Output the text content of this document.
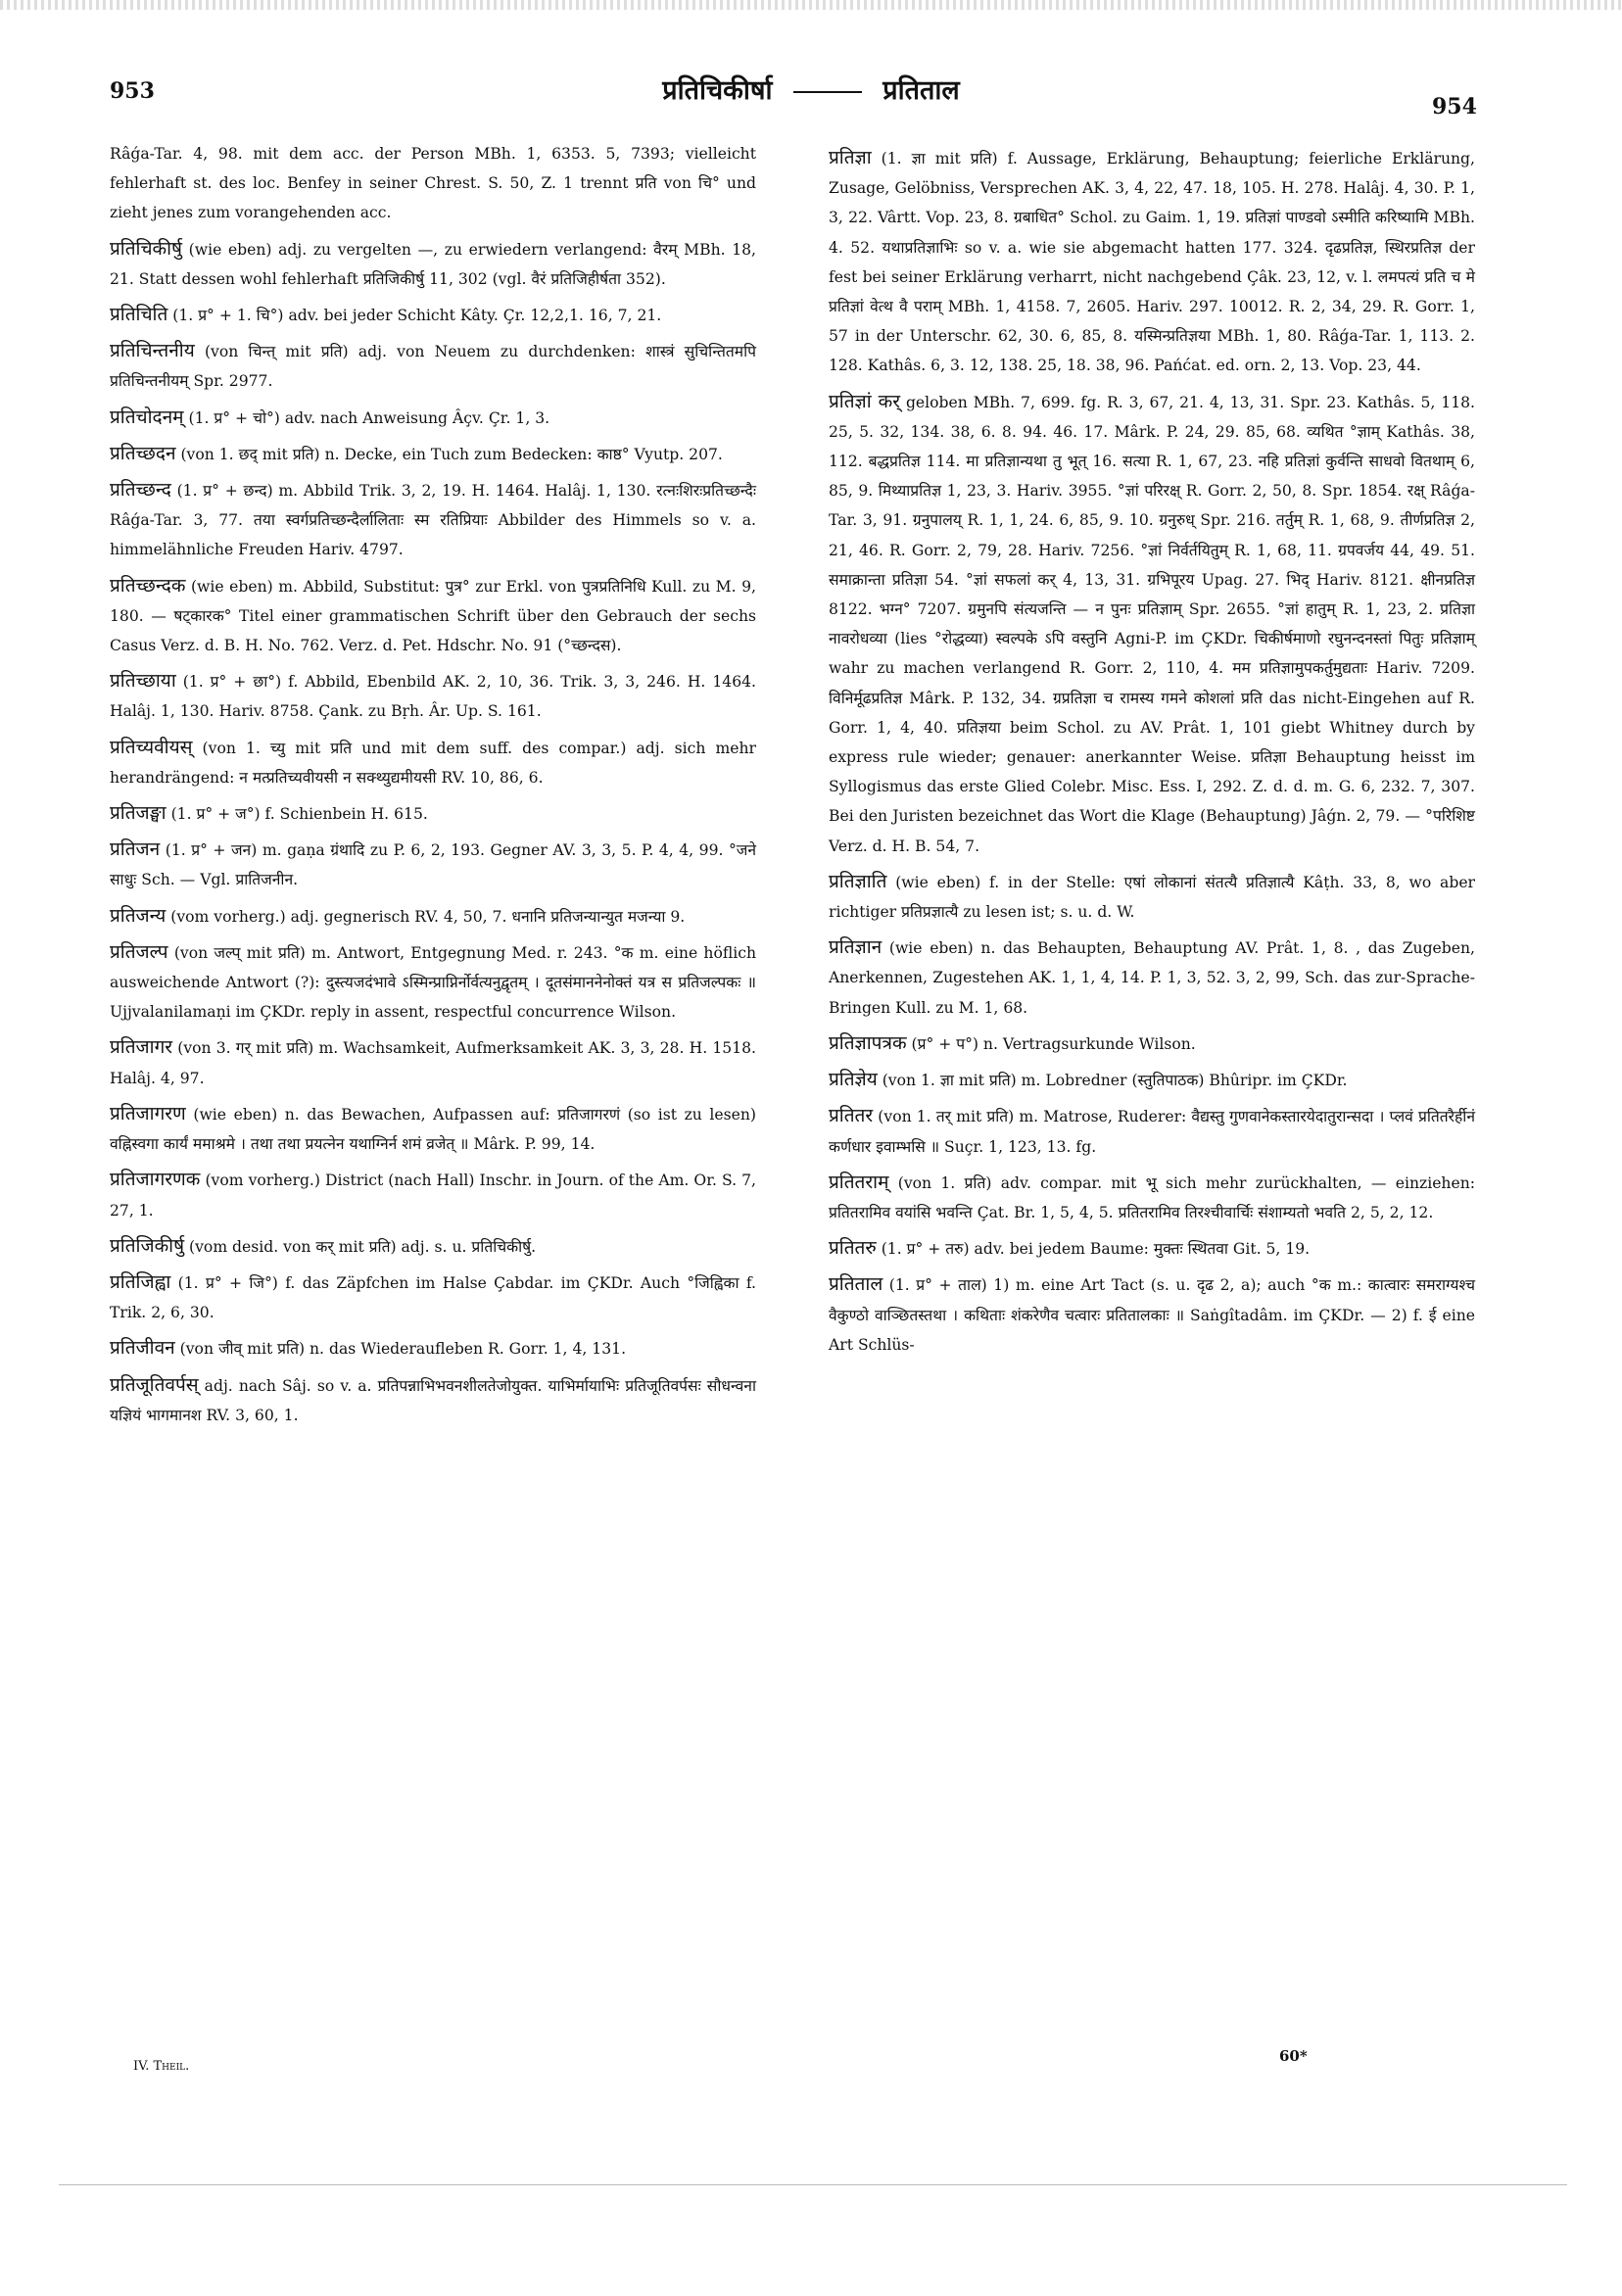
953	प्रतिचिकीर्षा	प्रतिताल
954

Râǵa-Tar. 4, 98. mit dem acc. der Person MBh. 1, 6353. 5, 7393; vielleicht fehlerhaft st. des loc. Benfey in seiner Chrest. S. 50, Z. 1 trennt प्रति von चि° und zieht jenes zum vorangehenden acc.

प्रतिचिकीर्षु (wie eben) adj. zu vergelten —, zu erwiedern verlangend: वैरम् MBh. 18, 21. Statt dessen wohl fehlerhaft प्रतिजिकीर्षु 11, 302 (vgl. वैरं प्रतिजिहीर्षता 352).

प्रतिचिति (1. प्र° + 1. चि°) adv. bei jeder Schicht Kâty. Çr. 12,2,1. 16, 7, 21.

प्रतिचिन्तनीय (von चिन्त् mit प्रति) adj. von Neuem zu durchdenken: शास्त्रं सुचिन्तितमपि प्रतिचिन्तनीयम् Spr. 2977.

प्रतिचोदनम् (1. प्र° + चो°) adv. nach Anweisung Âçv. Çr. 1, 3.

प्रतिच्छदन (von 1. छद् mit प्रति) n. Decke, ein Tuch zum Bedecken: काष्ठ° Vyutp. 207.

प्रतिच्छन्द (1. प्र° + छन्द) m. Abbild Trik. 3, 2, 19. H. 1464. Halâj. 1, 130. रत्नःशिरःप्रतिच्छन्दैः Râǵa-Tar. 3, 77. तया स्वर्गप्रतिच्छन्दैर्लालिताः स्म रतिप्रियाः Abbilder des Himmels so v. a. himmelähnliche Freuden Hariv. 4797.

प्रतिच्छन्दक (wie eben) m. Abbild, Substitut: पुत्र° zur Erkl. von पुत्रप्रतिनिधि Kull. zu M. 9, 180. — षट्कारक° Titel einer grammatischen Schrift über den Gebrauch der sechs Casus Verz. d. B. H. No. 762. Verz. d. Pet. Hdschr. No. 91 (°च्छन्दस).

प्रतिच्छाया (1. प्र° + छा°) f. Abbild, Ebenbild AK. 2, 10, 36. Trik. 3, 3, 246. H. 1464. Halâj. 1, 130. Hariv. 8758. Çank. zu Bṛh. Âr. Up. S. 161.

प्रतिच्यवीयस् (von 1. च्यु mit प्रति und mit dem suff. des compar.) adj. sich mehr herandrängend: न मत्प्रतिच्यवीयसी न सक्थ्युद्यमीयसी RV. 10, 86, 6.

प्रतिजङ्घा (1. प्र° + ज°) f. Schienbein H. 615.

प्रतिजन (1. प्र° + जन) m. gaṇa ग्रंथादि zu P. 6, 2, 193. Gegner AV. 3, 3, 5. P. 4, 4, 99. °जने साधुः Sch. — Vgl. प्रातिजनीन.

प्रतिजन्य (vom vorherg.) adj. gegnerisch RV. 4, 50, 7. धनानि प्रतिजन्यान्युत मजन्या 9.

प्रतिजल्प (von जल्प् mit प्रति) m. Antwort, Entgegnung Med. r. 243. °क m. eine höflich ausweichende Antwort (?): दुस्त्यजदंभावे ऽस्मिन्प्राप्निर्नोर्वत्यनुद्वृतम् । दूतसंमाननेनोक्तं यत्र स प्रतिजल्पकः ॥ Ujjvalanilamaṇi im ÇKDr. reply in assent, respectful concurrence Wilson.

प्रतिजागर (von 3. गर् mit प्रति) m. Wachsamkeit, Aufmerksamkeit AK. 3, 3, 28. H. 1518. Halâj. 4, 97.

प्रतिजागरण (wie eben) n. das Bewachen, Aufpassen auf: प्रतिजागरणं (so ist zu lesen) वह्निस्वगा कार्यं ममाश्रमे । तथा तथा प्रयत्नेन यथाग्निर्न शमं व्रजेत् ॥ Mârk. P. 99, 14.

प्रतिजागरणक (vom vorherg.) District (nach Hall) Inschr. in Journ. of the Am. Or. S. 7, 27, 1.

प्रतिजिकीर्षु (vom desid. von कर् mit प्रति) adj. s. u. प्रतिचिकीर्षु.

प्रतिजिह्वा (1. प्र° + जि°) f. das Zäpfchen im Halse Çabdar. im ÇKDr. Auch °जिह्विका f. Trik. 2, 6, 30.

प्रतिजीवन (von जीव् mit प्रति) n. das Wiederaufleben R. Gorr. 1, 4, 131.

प्रतिजूतिवर्पस् adj. nach Sâj. so v. a. प्रतिपन्नाभिभवनशीलतेजोयुक्त. याभिर्मायाभिः प्रतिजूतिवर्पसः सौधन्वना यज्ञियं भागमानश RV. 3, 60, 1.

प्रतिज्ञा (1. ज्ञा mit प्रति) f. Aussage, Erklärung, Behauptung; feierliche Erklärung, Zusage, Gelöbniss, Versprechen AK. 3, 4, 22, 47. 18, 105. H. 278. Halâj. 4, 30. P. 1, 3, 22. Vârtt. Vop. 23, 8. ग्रबाधित° Schol. zu Gaim. 1, 19. प्रतिज्ञां पाण्डवो ऽस्मीति करिष्यामि MBh. 4. 52. यथाप्रतिज्ञाभिः so v. a. wie sie abgemacht hatten 177. 324. दृढप्रतिज्ञ, स्थिरप्रतिज्ञ der fest bei seiner Erklärung verharrt, nicht nachgebend Çâk. 23, 12, v. l. लमपत्यं प्रति च मे प्रतिज्ञां वेत्थ वै पराम् MBh. 1, 4158. 7, 2605. Hariv. 297. 10012. R. 2, 34, 29. R. Gorr. 1, 57 in der Unterschr. 62, 30. 6, 85, 8. यस्मिन्प्रतिज्ञया MBh. 1, 80. Râǵa-Tar. 1, 113. 2. 128. Kathâs. 6, 3. 12, 138. 25, 18. 38, 96. Pańćat. ed. orn. 2, 13. Vop. 23, 44.

प्रतिज्ञां कर् geloben MBh. 7, 699. fg. R. 3, 67, 21. 4, 13, 31. Spr. 23. Kathâs. 5, 118. 25, 5. 32, 134. 38, 6. 8. 94. 46. 17. Mârk. P. 24, 29. 85, 68. व्यथित °ज्ञाम् Kathâs. 38, 112. बद्धप्रतिज्ञ 114. मा प्रतिज्ञान्यथा तु भूत् 16. सत्या R. 1, 67, 23. नहि प्रतिज्ञां कुर्वन्ति साधवो वितथाम् 6, 85, 9. मिथ्याप्रतिज्ञ 1, 23, 3. Hariv. 3955. °ज्ञां परिरक्ष् R. Gorr. 2, 50, 8. Spr. 1854. रक्ष् Râǵa-Tar. 3, 91. ग्रनुपालय् R. 1, 1, 24. 6, 85, 9. 10. ग्रनुरुध् Spr. 216. तर्तुम् R. 1, 68, 9. तीर्णप्रतिज्ञ 2, 21, 46. R. Gorr. 2, 79, 28. Hariv. 7256. °ज्ञां निर्वर्तयितुम् R. 1, 68, 11. ग्रपवर्जय 44, 49. 51. समाक्रान्ता प्रतिज्ञा 54. °ज्ञां सफलां कर् 4, 13, 31. ग्रभिपूरय Upag. 27. भिद् Hariv. 8121. क्षीनप्रतिज्ञ 8122. भग्न° 7207. ग्रमुनपि संत्यजन्ति — न पुनः प्रतिज्ञाम् Spr. 2655. °ज्ञां हातुम् R. 1, 23, 2. प्रतिज्ञा नावरोधव्या (lies °रोद्धव्या) स्वल्पके ऽपि वस्तुनि Agni-P. im ÇKDr. चिकीर्षमाणो रघुनन्दनस्तां पितुः प्रतिज्ञाम् wahr zu machen verlangend R. Gorr. 2, 110, 4. मम प्रतिज्ञामुपकर्तुमुद्यताः Hariv. 7209. विनिर्मूढप्रतिज्ञ Mârk. P. 132, 34. ग्रप्रतिज्ञा च रामस्य गमने कोशलां प्रति das nicht-Eingehen auf R. Gorr. 1, 4, 40. प्रतिज्ञया beim Schol. zu AV. Prât. 1, 101 giebt Whitney durch by express rule wieder; genauer: anerkannter Weise. प्रतिज्ञा Behauptung heisst im Syllogismus das erste Glied Colebr. Misc. Ess. I, 292. Z. d. d. m. G. 6, 232. 7, 307. Bei den Juristen bezeichnet das Wort die Klage (Behauptung) Jâǵn. 2, 79. — °परिशिष्ट Verz. d. H. B. 54, 7.

प्रतिज्ञाति (wie eben) f. in der Stelle: एषां लोकानां संतत्यै प्रतिज्ञात्यै Kâṭh. 33, 8, wo aber richtiger प्रतिप्रज्ञात्यै zu lesen ist; s. u. d. W.

प्रतिज्ञान (wie eben) n. das Behaupten, Behauptung AV. Prât. 1, 8. , das Zugeben, Anerkennen, Zugestehen AK. 1, 1, 4, 14. P. 1, 3, 52. 3, 2, 99, Sch. das zur-Sprache-Bringen Kull. zu M. 1, 68.

प्रतिज्ञापत्रक (प्र° + प°) n. Vertragsurkunde Wilson.

प्रतिज्ञेय (von 1. ज्ञा mit प्रति) m. Lobredner (स्तुतिपाठक) Bhûripr. im ÇKDr.

प्रतितर (von 1. तर् mit प्रति) m. Matrose, Ruderer: वैद्यस्तु गुणवानेकस्तारयेदातुरान्सदा । प्लवं प्रतितरैर्हीनं कर्णधार इवाम्भसि ॥ Suçr. 1, 123, 13. fg.

प्रतितराम् (von 1. प्रति) adv. compar. mit भू sich mehr zurückhalten, — einziehen: प्रतितरामिव वयांसि भवन्ति Çat. Br. 1, 5, 4, 5. प्रतितरामिव तिरश्चीवार्चिः संशाम्यतो भवति 2, 5, 2, 12.

प्रतितरु (1. प्र° + तरु) adv. bei jedem Baume: मुक्तः स्थितवा Git. 5, 19.

प्रतिताल (1. प्र° + ताल) 1) m. eine Art Tact (s. u. दृढ 2, a); auch °क m.: कात्वारः समराग्यश्च वैकुण्ठो वाञ्छितस्तथा । कथिताः शंकरेणैव चत्वारः प्रतितालकाः ॥ Saṅgîtadâm. im ÇKDr. — 2) f. ई eine Art Schlüs-

IV. Theil.
60*
